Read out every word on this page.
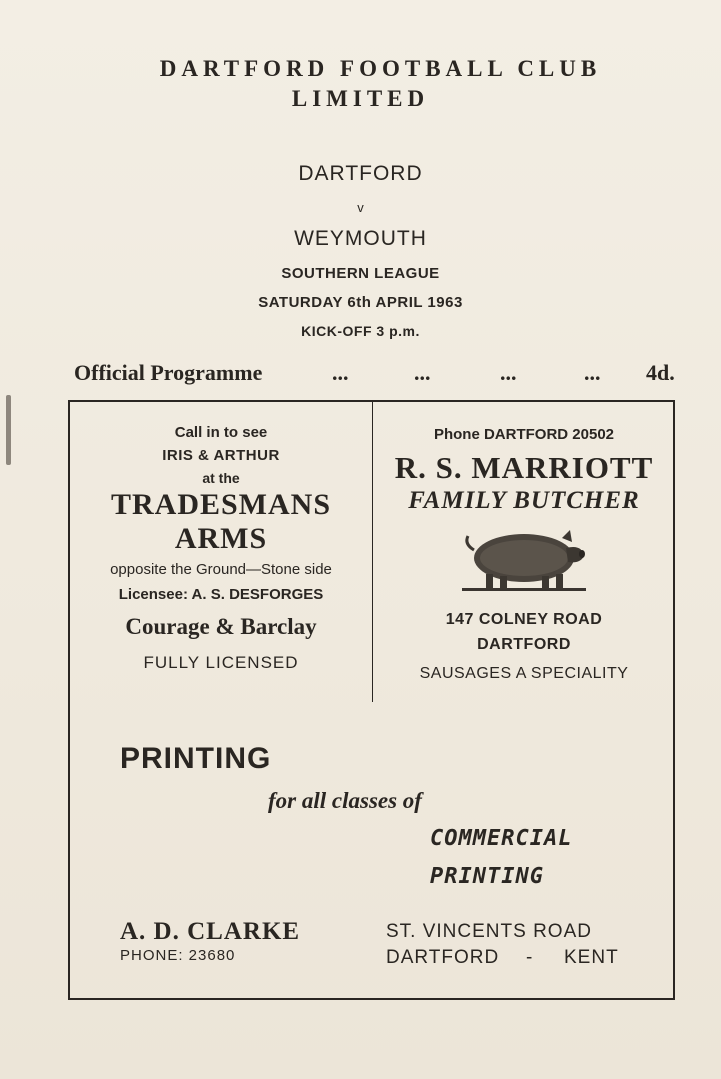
DARTFORD FOOTBALL CLUB
LIMITED
DARTFORD
v
WEYMOUTH
SOUTHERN LEAGUE
SATURDAY 6th APRIL 1963
KICK-OFF 3 p.m.
Official Programme	...	...	...	... 4d.
Call in to see
IRIS & ARTHUR
at the
TRADESMANS
ARMS
opposite the Ground—Stone side
Licensee: A. S. DESFORGES
Courage & Barclay
FULLY LICENSED
Phone DARTFORD 20502
R. S. MARRIOTT
FAMILY BUTCHER
147 COLNEY ROAD
DARTFORD
SAUSAGES A SPECIALITY
PRINTING
for all classes of
COMMERCIAL
PRINTING
A. D. CLARKE
PHONE: 23680
ST. VINCENTS ROAD
DARTFORD - KENT
